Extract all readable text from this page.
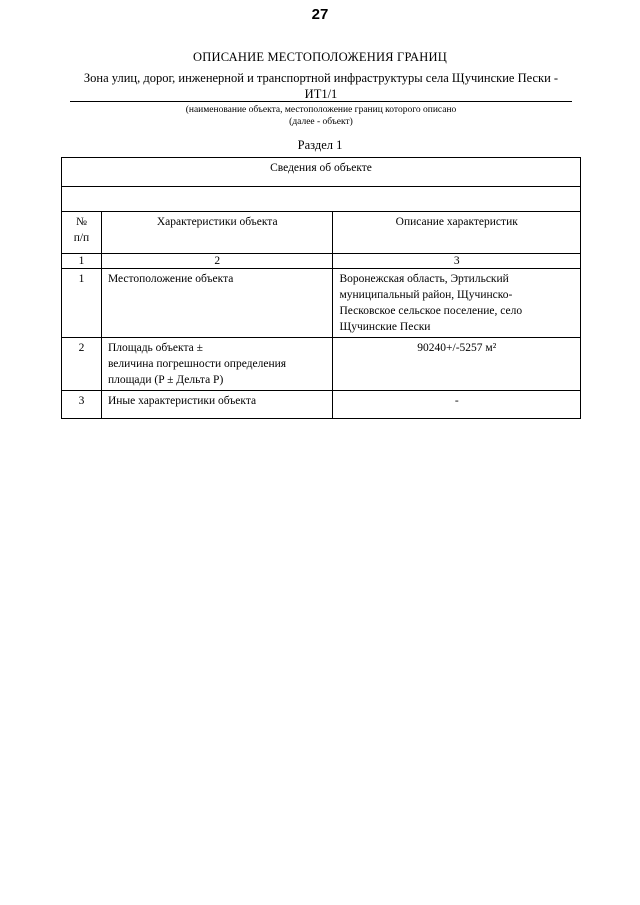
27
ОПИСАНИЕ МЕСТОПОЛОЖЕНИЯ ГРАНИЦ
Зона улиц, дорог, инженерной и транспортной инфраструктуры села Щучинские Пески -
ИТ1/1
(наименование объекта, местоположение границ которого описано
(далее - объект)
Раздел 1
Сведения об объекте		

№
п/п	Характеристики объекта	Описание характеристик
1	2	3
1	Местоположение объекта	Воронежская область, Эртильский
муниципальный район, Щучинско-
Песковское сельское поселение, село
Щучинские Пески

2	Площадь объекта ±
величина погрешности определения
площади (P ± Дельта P)	90240+/-5257 м²
3	Иные характеристики объекта	-
